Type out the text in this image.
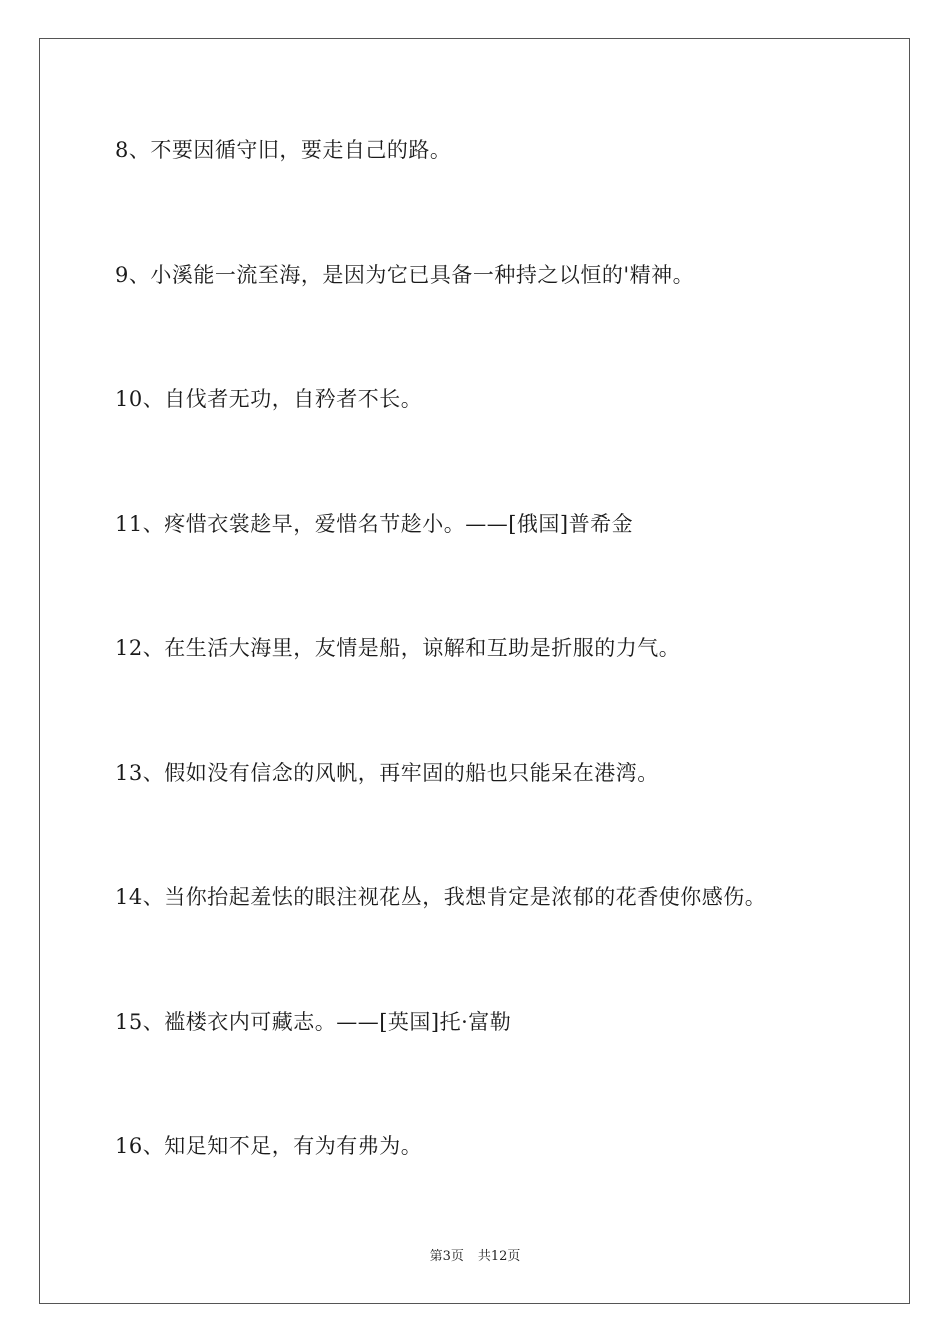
8、不要因循守旧，要走自己的路。
9、小溪能一流至海，是因为它已具备一种持之以恒的'精神。
10、自伐者无功，自矜者不长。
11、疼惜衣裳趁早，爱惜名节趁小。——[俄国]普希金
12、在生活大海里，友情是船，谅解和互助是折服的力气。
13、假如没有信念的风帆，再牢固的船也只能呆在港湾。
14、当你抬起羞怯的眼注视花丛，我想肯定是浓郁的花香使你感伤。
15、褴楼衣内可藏志。——[英国]托·富勒
16、知足知不足，有为有弗为。
第3页 共12页
